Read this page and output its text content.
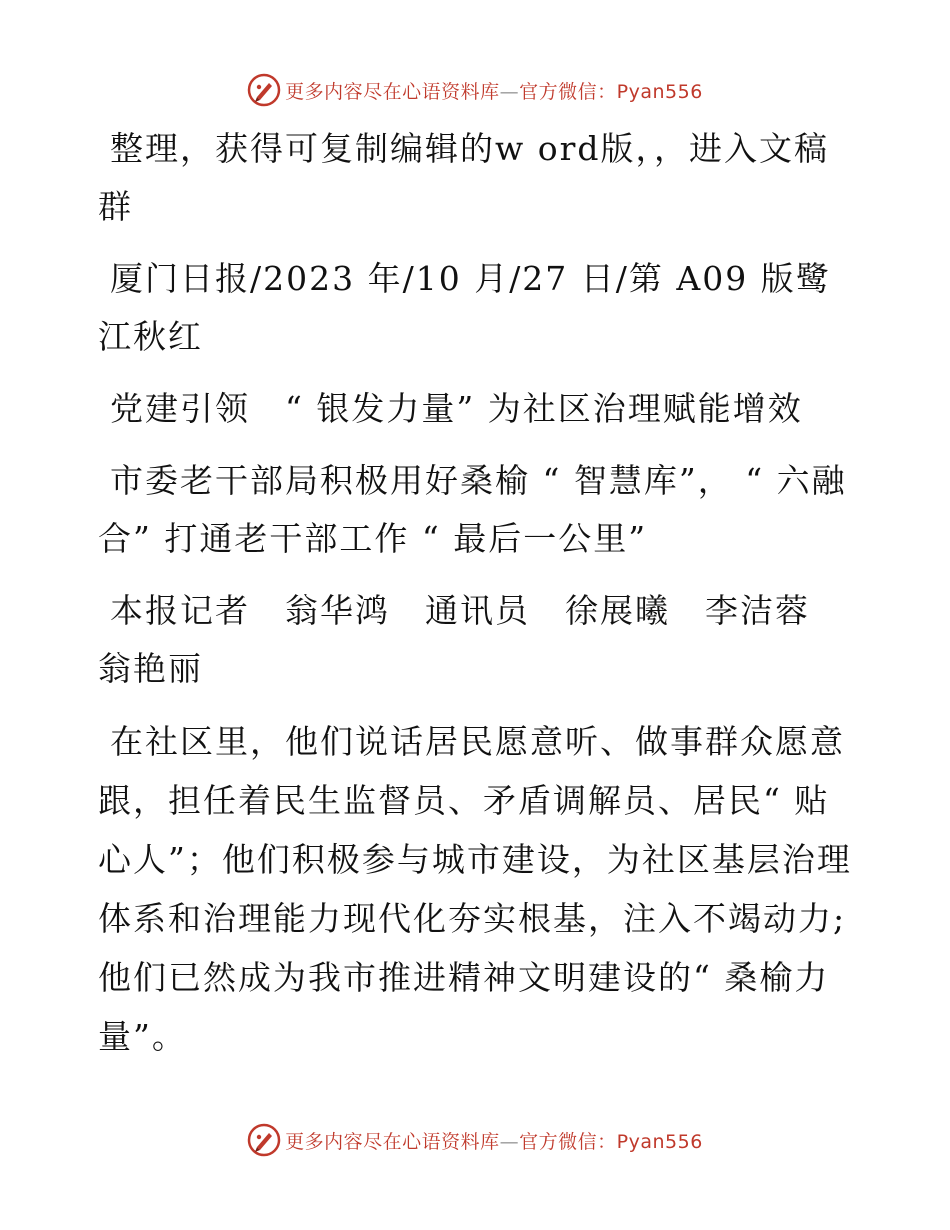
更多内容尽在心语资料库—官方微信：Pyan556

整理，获得可复制编辑的w ord版，，进入文稿群

厦门日报/2023 年/10 月/27 日/第 A09 版鹭江秋红

党建引领　“ 银发力量” 为社区治理赋能增效

市委老干部局积极用好桑榆 “ 智慧库”， “ 六融合” 打通老干部工作 “ 最后一公里”

本报记者　翁华鸿　通讯员　徐展曦　李洁蓉　翁艳丽

在社区里，他们说话居民愿意听、做事群众愿意跟，担任着民生监督员、矛盾调解员、居民“ 贴心人”；他们积极参与城市建设，为社区基层治理体系和治理能力现代化夯实根基，注入不竭动力;他们已然成为我市推进精神文明建设的“ 桑榆力量”。

更多内容尽在心语资料库—官方微信：Pyan556
